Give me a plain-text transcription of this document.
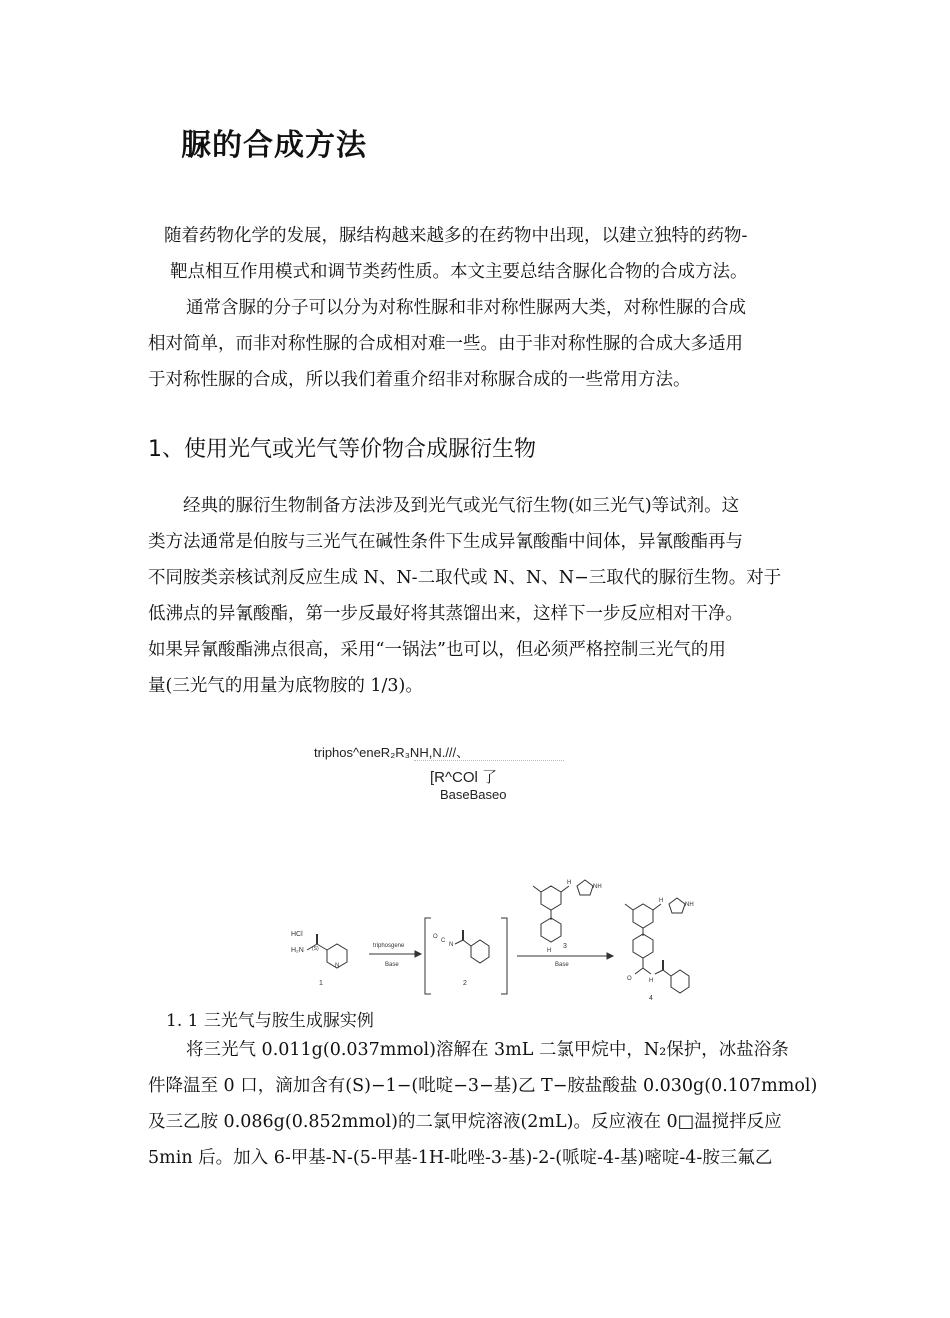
脲的合成方法
随着药物化学的发展，脲结构越来越多的在药物中出现，以建立独特的药物-
靶点相互作用模式和调节类药性质。本文主要总结含脲化合物的合成方法。
通常含脲的分子可以分为对称性脲和非对称性脲两大类，对称性脲的合成
相对简单，而非对称性脲的合成相对难一些。由于非对称性脲的合成大多适用
于对称性脲的合成，所以我们着重介绍非对称脲合成的一些常用方法。
1、使用光气或光气等价物合成脲衍生物
经典的脲衍生物制备方法涉及到光气或光气衍生物(如三光气)等试剂。这
类方法通常是伯胺与三光气在碱性条件下生成异氰酸酯中间体，异氰酸酯再与
不同胺类亲核试剂反应生成 N、N-二取代或 N、N、N−三取代的脲衍生物。对于
低沸点的异氰酸酯，第一步反最好将其蒸馏出来，这样下一步反应相对干净。
如果异氰酸酯沸点很高，采用“一锅法”也可以，但必须严格控制三光气的用
量(三光气的用量为底物胺的 1/3)。
triphos^eneR₂R₃NH,N.///、
[R^COl 了
BaseBaseo
HCl
H₂N (S)
N
1
triphosgene
Base
O
C
N
2
H
NH
H
3
Base
H
NH
O	H
4
1. 1 三光气与胺生成脲实例
将三光气 0.011g(0.037mmol)溶解在 3mL 二氯甲烷中，N₂保护，冰盐浴条
件降温至 0 口，滴加含有(S)−1−(吡啶−3−基)乙 T−胺盐酸盐 0.030g(0.107mmol)
及三乙胺 0.086g(0.852mmol)的二氯甲烷溶液(2mL)。反应液在 0□温搅拌反应
5min 后。加入 6-甲基-N-(5-甲基-1H-吡唑-3-基)-2-(哌啶-4-基)嘧啶-4-胺三氟乙
